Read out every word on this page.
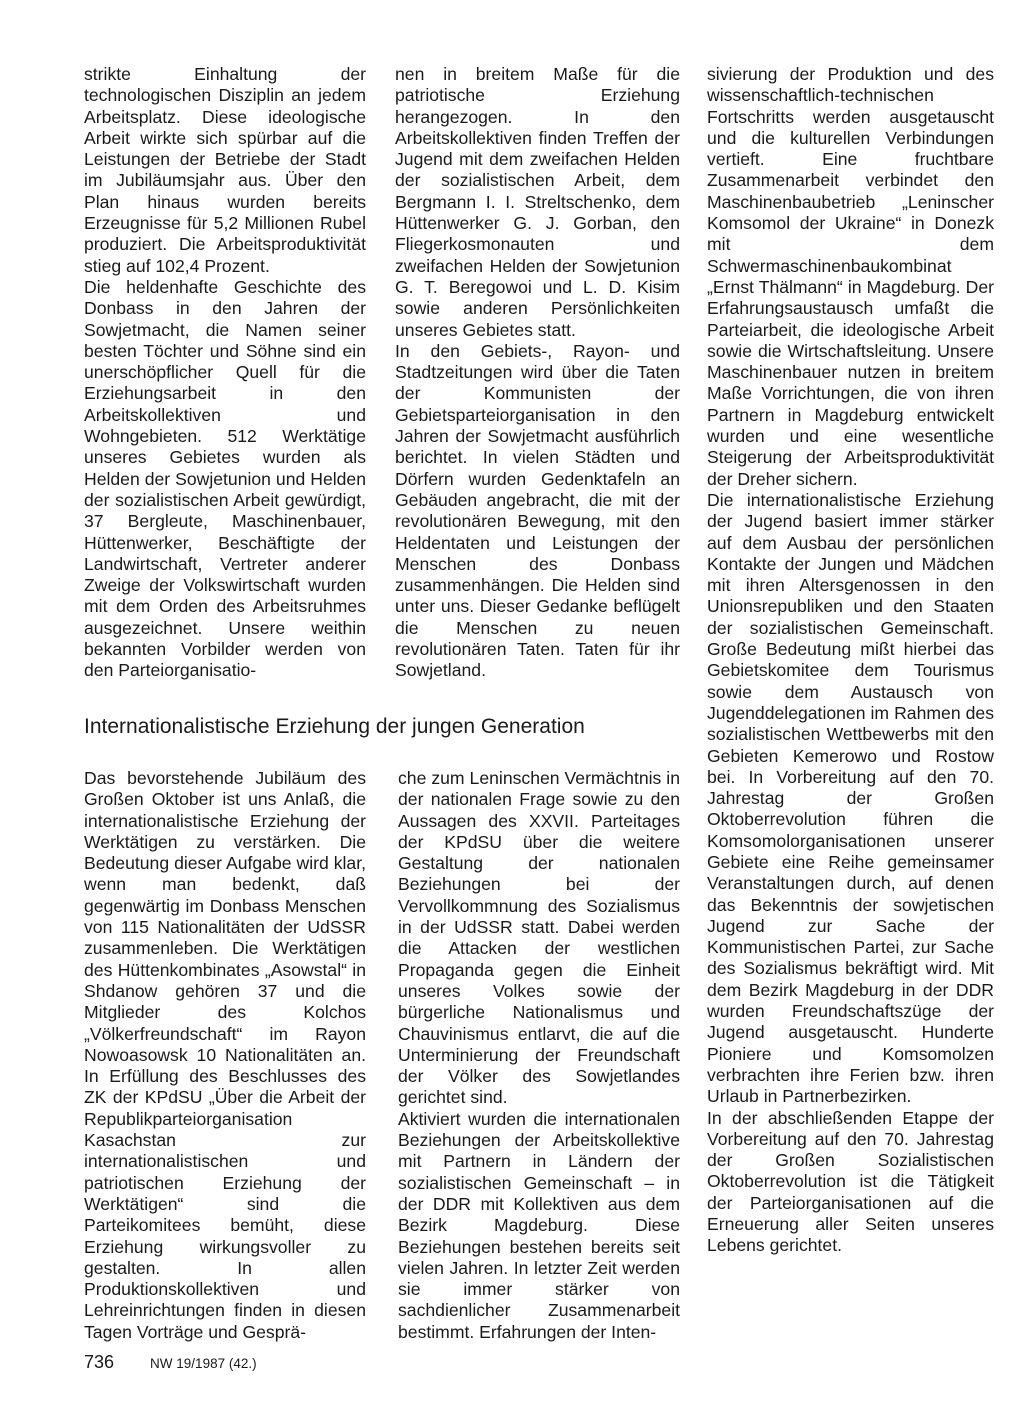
strikte Einhaltung der technologischen Disziplin an jedem Arbeitsplatz. Diese ideologische Arbeit wirkte sich spürbar auf die Leistungen der Betriebe der Stadt im Jubiläumsjahr aus. Über den Plan hinaus wurden bereits Erzeugnisse für 5,2 Millionen Rubel produziert. Die Arbeitsproduktivität stieg auf 102,4 Prozent.

Die heldenhafte Geschichte des Donbass in den Jahren der Sowjetmacht, die Namen seiner besten Töchter und Söhne sind ein unerschöpflicher Quell für die Erziehungsarbeit in den Arbeitskollektiven und Wohngebieten. 512 Werktätige unseres Gebietes wurden als Helden der Sowjetunion und Helden der sozialistischen Arbeit gewürdigt, 37 Bergleute, Maschinenbauer, Hüttenwerker, Beschäftigte der Landwirtschaft, Vertreter anderer Zweige der Volkswirtschaft wurden mit dem Orden des Arbeitsruhmes ausgezeichnet. Unsere weithin bekannten Vorbilder werden von den Parteiorganisatio-

nen in breitem Maße für die patriotische Erziehung herangezogen. In den Arbeitskollektiven finden Treffen der Jugend mit dem zweifachen Helden der sozialistischen Arbeit, dem Bergmann I. I. Streltschenko, dem Hüttenwerker G. J. Gorban, den Fliegerkosmonauten und zweifachen Helden der Sowjetunion G. T. Beregowoi und L. D. Kisim sowie anderen Persönlichkeiten unseres Gebietes statt.

In den Gebiets-, Rayon- und Stadtzeitungen wird über die Taten der Kommunisten der Gebietsparteiorganisation in den Jahren der Sowjetmacht ausführlich berichtet. In vielen Städten und Dörfern wurden Gedenktafeln an Gebäuden angebracht, die mit der revolutionären Bewegung, mit den Heldentaten und Leistungen der Menschen des Donbass zusammenhängen. Die Helden sind unter uns. Dieser Gedanke beflügelt die Menschen zu neuen revolutionären Taten. Taten für ihr Sowjetland.

sivierung der Produktion und des wissenschaftlich-technischen Fortschritts werden ausgetauscht und die kulturellen Verbindungen vertieft. Eine fruchtbare Zusammenarbeit verbindet den Maschinenbaubetrieb „Leninscher Komsomol der Ukraine“ in Donezk mit dem Schwermaschinenbaukombinat „Ernst Thälmann“ in Magdeburg. Der Erfahrungsaustausch umfaßt die Parteiarbeit, die ideologische Arbeit sowie die Wirtschaftsleitung. Unsere Maschinenbauer nutzen in breitem Maße Vorrichtungen, die von ihren Partnern in Magdeburg entwickelt wurden und eine wesentliche Steigerung der Arbeitsproduktivität der Dreher sichern.

Die internationalistische Erziehung der Jugend basiert immer stärker auf dem Ausbau der persönlichen Kontakte der Jungen und Mädchen mit ihren Altersgenossen in den Unionsrepubliken und den Staaten der sozialistischen Gemeinschaft. Große Bedeutung mißt hierbei das Gebietskomitee dem Tourismus sowie dem Austausch von Jugenddelegationen im Rahmen des sozialistischen Wettbewerbs mit den Gebieten Kemerowo und Rostow bei. In Vorbereitung auf den 70. Jahrestag der Großen Oktoberrevolution führen die Komsomolorganisationen unserer Gebiete eine Reihe gemeinsamer Veranstaltungen durch, auf denen das Bekenntnis der sowjetischen Jugend zur Sache der Kommunistischen Partei, zur Sache des Sozialismus bekräftigt wird. Mit dem Bezirk Magdeburg in der DDR wurden Freundschaftszüge der Jugend ausgetauscht. Hunderte Pioniere und Komsomolzen verbrachten ihre Ferien bzw. ihren Urlaub in Partnerbezirken.

In der abschließenden Etappe der Vorbereitung auf den 70. Jahrestag der Großen Sozialistischen Oktoberrevolution ist die Tätigkeit der Parteiorganisationen auf die Erneuerung aller Seiten unseres Lebens gerichtet.

Internationalistische Erziehung der jungen Generation

Das bevorstehende Jubiläum des Großen Oktober ist uns Anlaß, die internationalistische Erziehung der Werktätigen zu verstärken. Die Bedeutung dieser Aufgabe wird klar, wenn man bedenkt, daß gegenwärtig im Donbass Menschen von 115 Nationalitäten der UdSSR zusammenleben. Die Werktätigen des Hüttenkombinates „Asowstal“ in Shdanow gehören 37 und die Mitglieder des Kolchos „Völkerfreundschaft“ im Rayon Nowoasowsk 10 Nationalitäten an. In Erfüllung des Beschlusses des ZK der KPdSU „Über die Arbeit der Republikparteiorganisation Kasachstan zur internationalistischen und patriotischen Erziehung der Werktätigen“ sind die Parteikomitees bemüht, diese Erziehung wirkungsvoller zu gestalten. In allen Produktionskollektiven und Lehreinrichtungen finden in diesen Tagen Vorträge und Gesprä-

che zum Leninschen Vermächtnis in der nationalen Frage sowie zu den Aussagen des XXVII. Parteitages der KPdSU über die weitere Gestaltung der nationalen Beziehungen bei der Vervollkommnung des Sozialismus in der UdSSR statt. Dabei werden die Attacken der westlichen Propaganda gegen die Einheit unseres Volkes sowie der bürgerliche Nationalismus und Chauvinismus entlarvt, die auf die Unterminierung der Freundschaft der Völker des Sowjetlandes gerichtet sind.

Aktiviert wurden die internationalen Beziehungen der Arbeitskollektive mit Partnern in Ländern der sozialistischen Gemeinschaft – in der DDR mit Kollektiven aus dem Bezirk Magdeburg. Diese Beziehungen bestehen bereits seit vielen Jahren. In letzter Zeit werden sie immer stärker von sachdienlicher Zusammenarbeit bestimmt. Erfahrungen der Inten-

736	NW 19/1987 (42.)
